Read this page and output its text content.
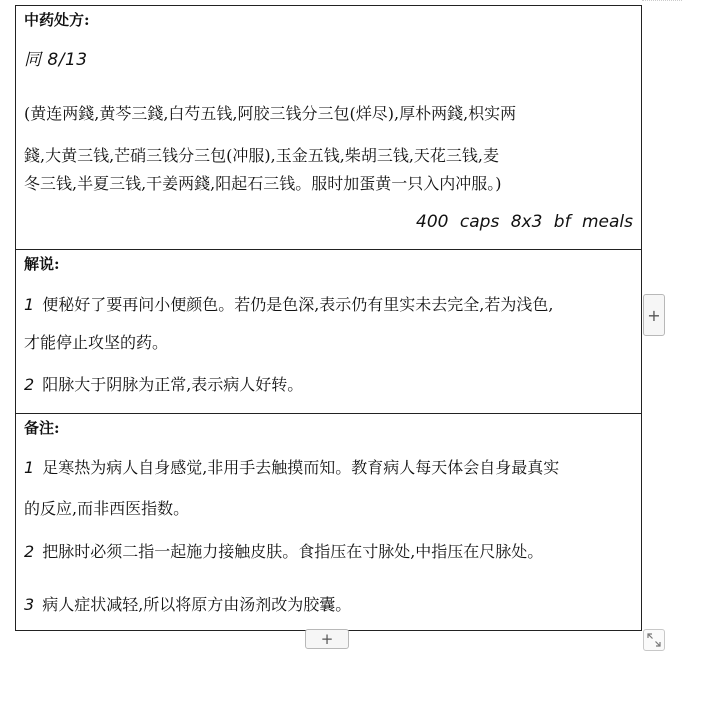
中药处方:
同 8/13
(黄连两錢,黄芩三錢,白芍五钱,阿胶三钱分三包(烊尽),厚朴两錢,枳实两
錢,大黄三钱,芒硝三钱分三包(冲服),玉金五钱,柴胡三钱,天花三钱,麦
冬三钱,半夏三钱,干姜两錢,阳起石三钱。服时加蛋黄一只入内冲服。)
400 caps 8x3 bf meals
解说:
1 便秘好了要再问小便颜色。若仍是色深,表示仍有里实未去完全,若为浅色,
才能停止攻坚的药。
2 阳脉大于阴脉为正常,表示病人好转。
备注:
1 足寒热为病人自身感觉,非用手去触摸而知。教育病人每天体会自身最真实
的反应,而非西医指数。
2 把脉时必须二指一起施力接触皮肤。食指压在寸脉处,中指压在尺脉处。
3 病人症状减轻,所以将原方由汤剂改为胶囊。
+
+
